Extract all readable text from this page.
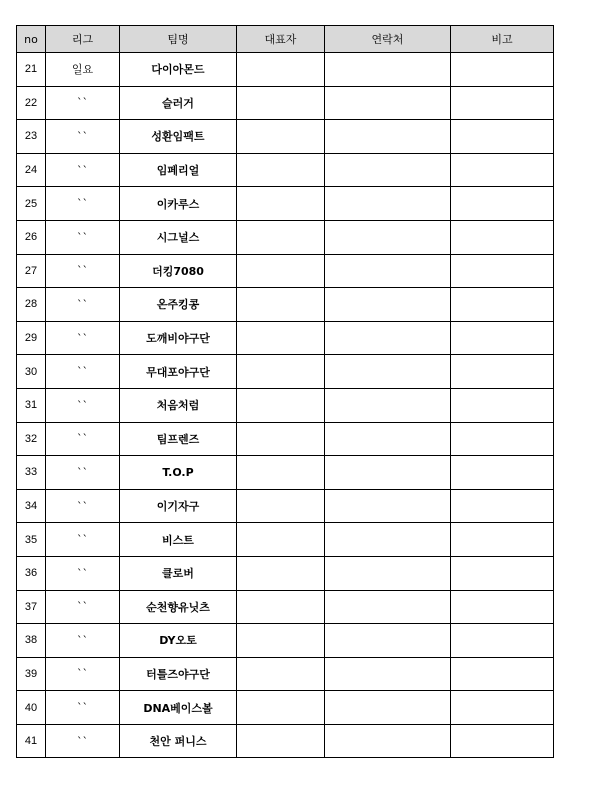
no	리그	팀명	대표자	연락처	비고
21	일요	다이아몬드			
22	``	슬러거			
23	``	성환임팩트			
24	``	임페리얼			
25	``	이카루스			
26	``	시그널스			
27	``	더킹7080			
28	``	온주킹콩			
29	``	도깨비야구단			
30	``	무대포야구단			
31	``	처음처럼			
32	``	팀프렌즈			
33	``	T.O.P			
34	``	이기자구			
35	``	비스트			
36	``	클로버			
37	``	순천향유닛츠			
38	``	DY오토			
39	``	터틀즈야구단			
40	``	DNA베이스볼			
41	``	천안 퍼니스			
